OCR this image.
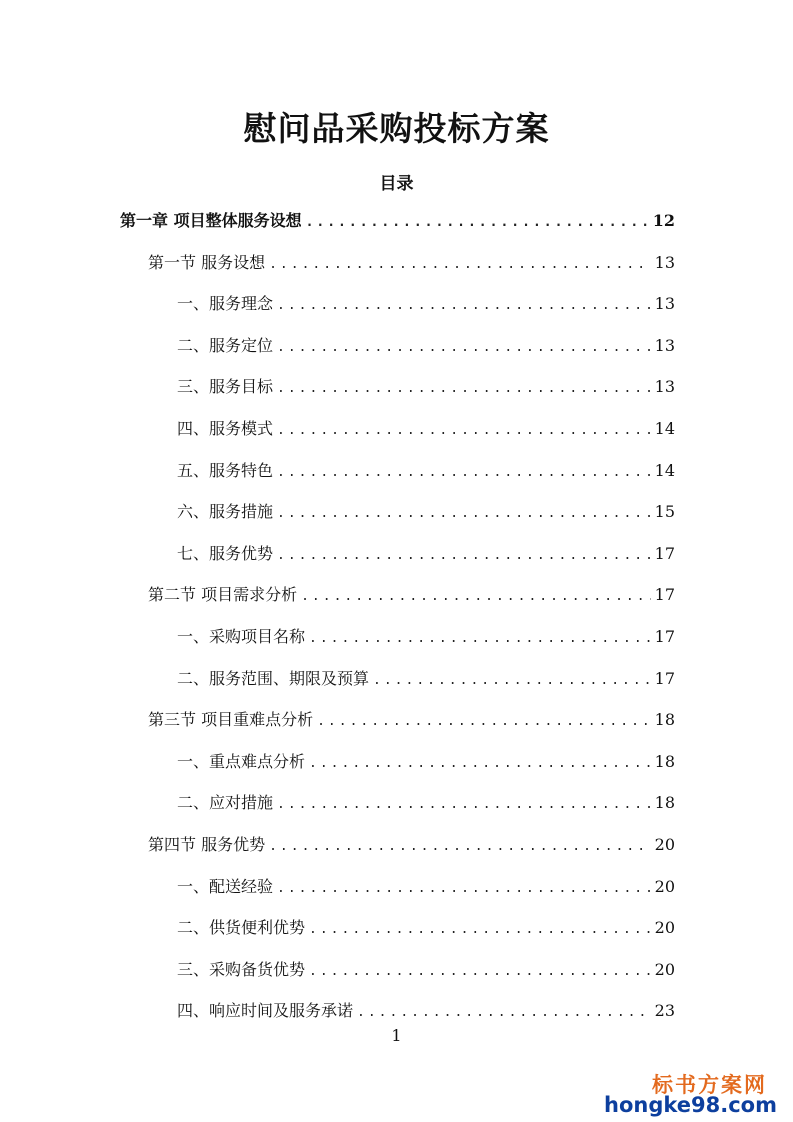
慰问品采购投标方案
目录
第一章 项目整体服务设想 .....	12
第一节 服务设想 .....	13
一、服务理念 .....	13
二、服务定位 .....	13
三、服务目标 .....	13
四、服务模式 .....	14
五、服务特色 .....	14
六、服务措施 .....	15
七、服务优势 .....	17
第二节 项目需求分析 .....	17
一、采购项目名称 .....	17
二、服务范围、期限及预算 .....	17
第三节 项目重难点分析 .....	18
一、重点难点分析 .....	18
二、应对措施 .....	18
第四节 服务优势 .....	20
一、配送经验 .....	20
二、供货便利优势 .....	20
三、采购备货优势 .....	20
四、响应时间及服务承诺 .....	23
1
标书方案网
hongke98.com
